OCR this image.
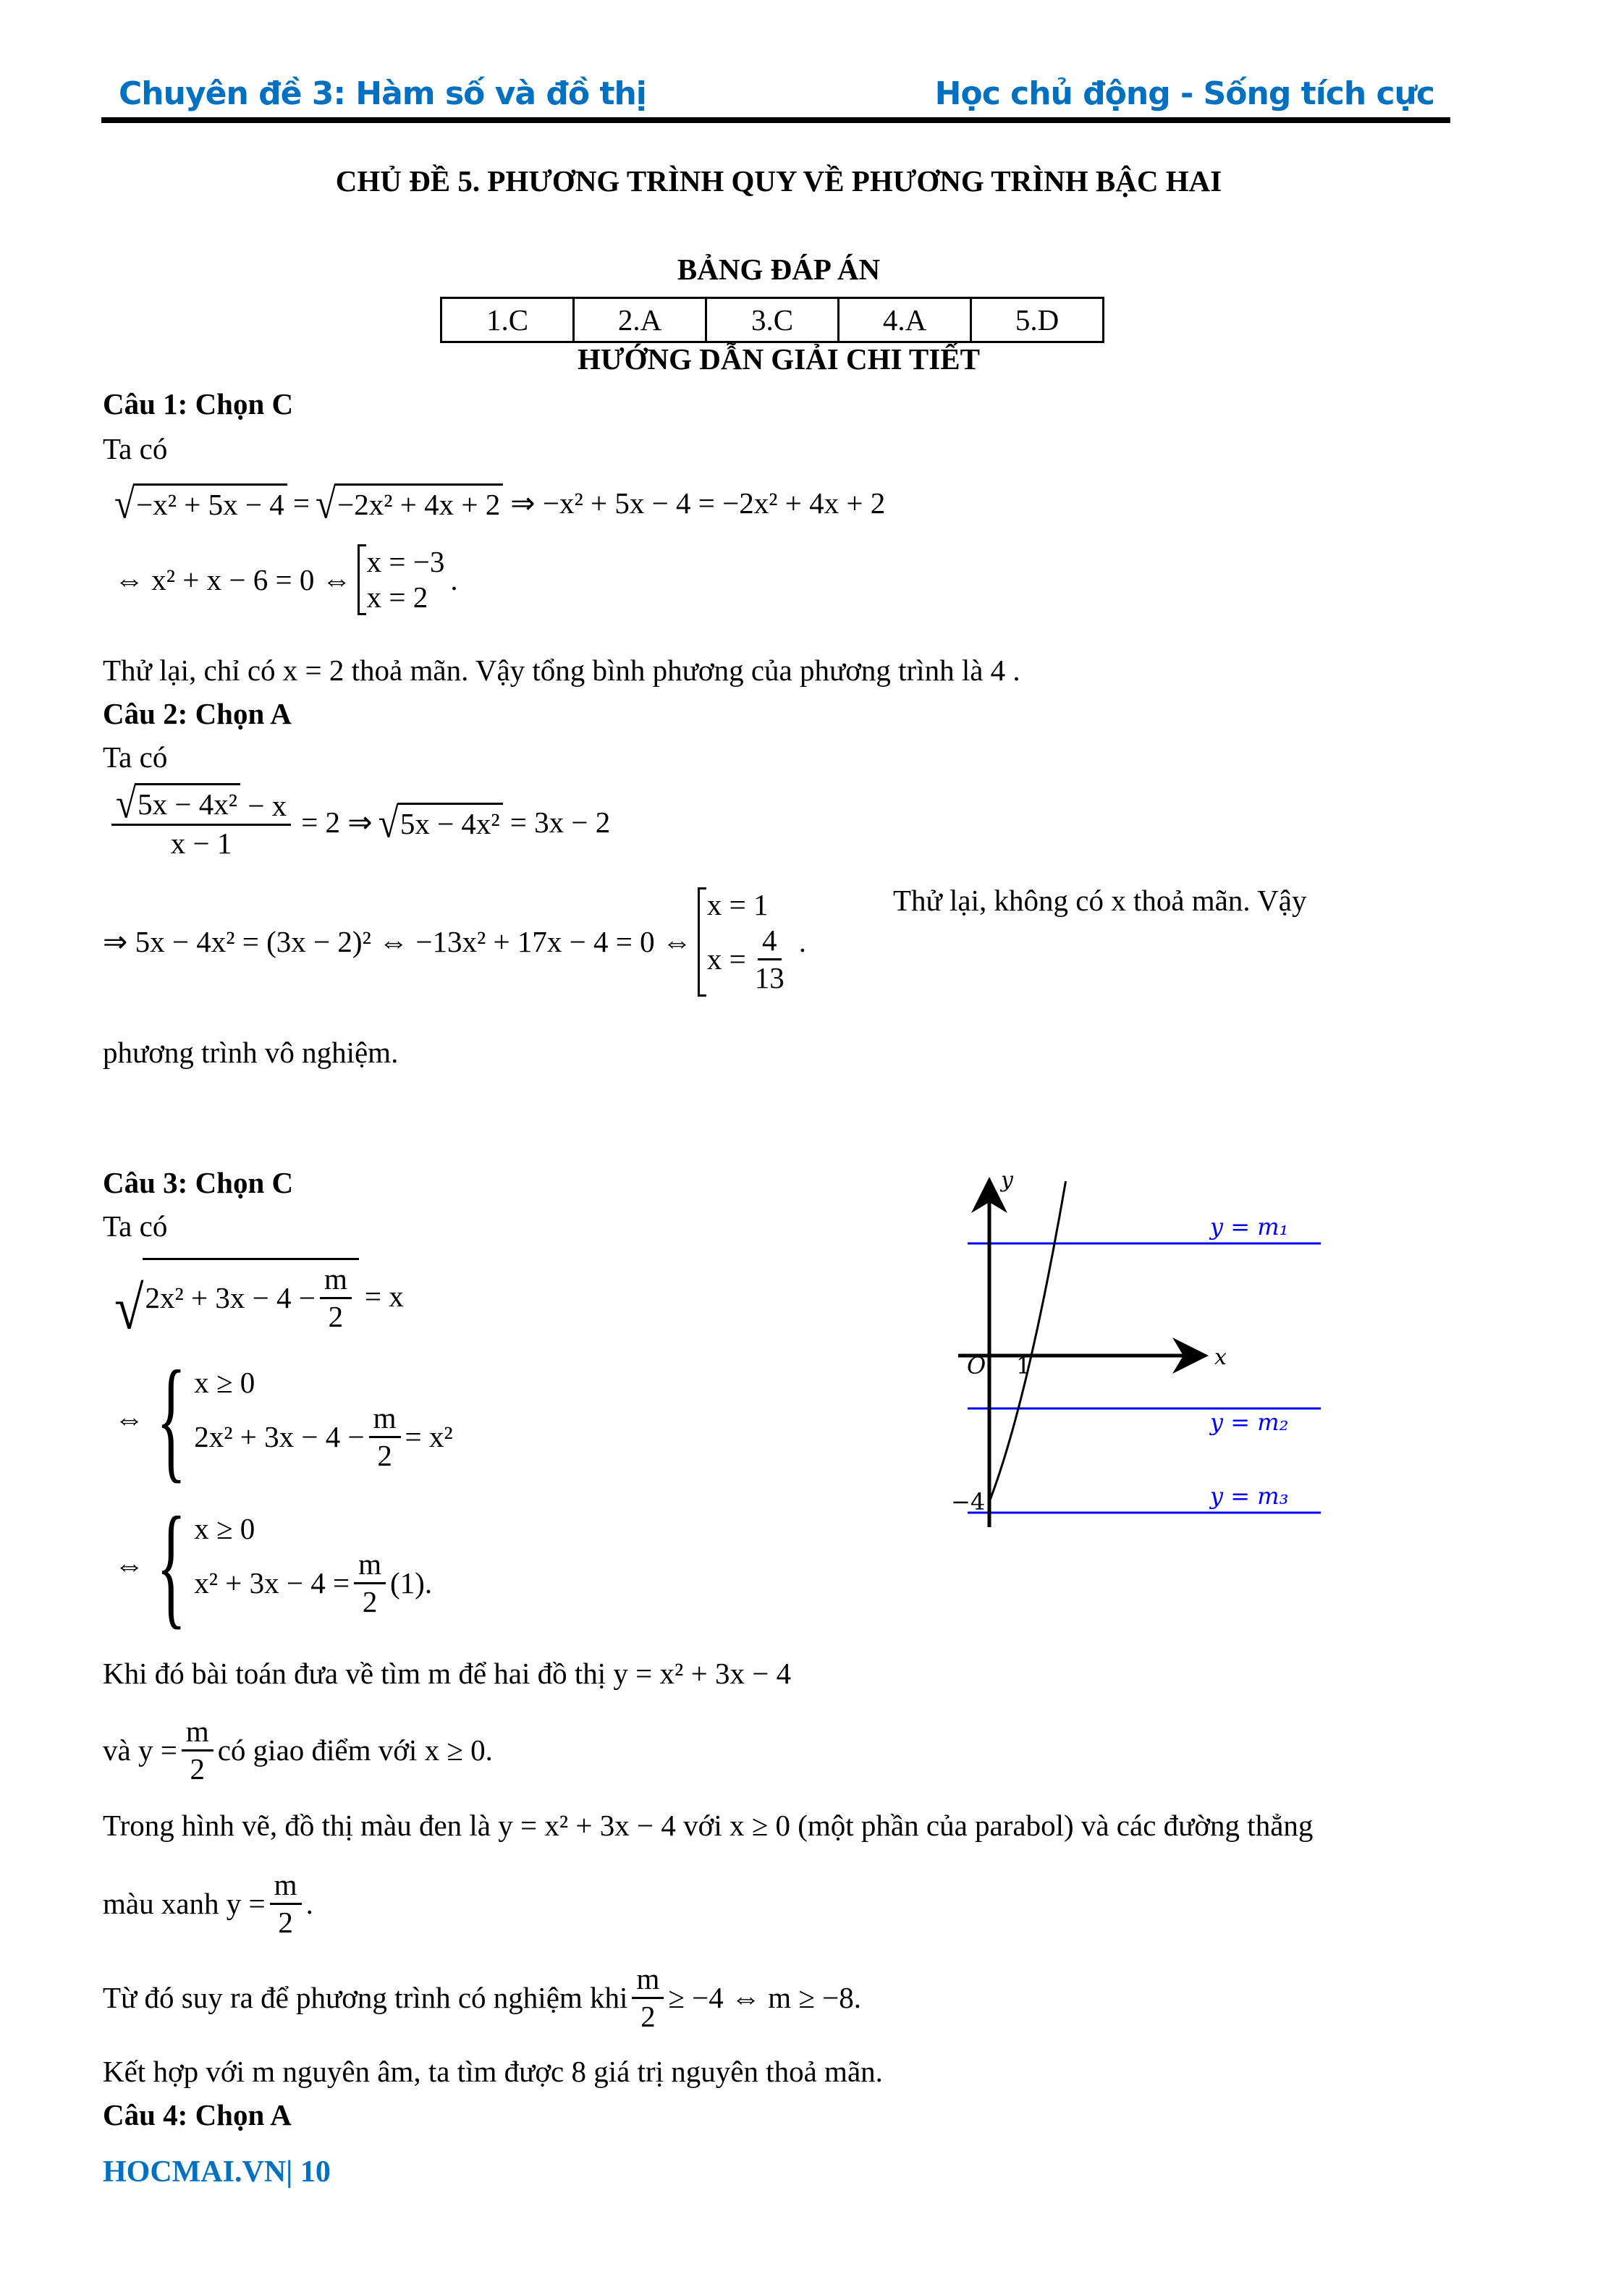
Chuyên đề 3: Hàm số và đồ thị	Học chủ động - Sống tích cực
CHỦ ĐỀ 5. PHƯƠNG TRÌNH QUY VỀ PHƯƠNG TRÌNH BẬC HAI
BẢNG ĐÁP ÁN
1.C	2.A	3.C	4.A	5.D
HƯỚNG DẪN GIẢI CHI TIẾT
Câu 1: Chọn C
Ta có
√ −x² + 5x − 4 = √ −2x² + 4x + 2 ⇒ −x² + 5x − 4 = −2x² + 4x + 2
⇔ x² + x − 6 = 0 ⇔
x = −3
x = 2
.
Thử lại, chỉ có x = 2 thoả mãn. Vậy tổng bình phương của phương trình là 4 .
Câu 2: Chọn A
Ta có
$\frac{\text{√ 5x − 4x² − x}}{x - 1} = 2$ ⇒ √ 5x − 4x² = 3x − 2
⇒ 5x − 4x² = (3x − 2)² ⇔ −13x² + 17x − 4 = 0 ⇔
x = 1
$x = \frac{4}{13}$ .
Thử lại, không có x thoả mãn. Vậy
phương trình vô nghiệm.
Câu 3: Chọn C
Ta có
√ $2x^2 + 3x - 4 - \frac{m}{2} = x$
⇔ { x ≥ 0
$2x^2 + 3x - 4 - \frac{m}{2} = x^2$
⇔ { x ≥ 0
$x^2 + 3x - 4 = \frac{m}{2} (1)$ .
Khi đó bài toán đưa về tìm m để hai đồ thị y = x² + 3x − 4
và $y = \frac{m}{2}$ có giao điểm với x ≥ 0.
Trong hình vẽ, đồ thị màu đen là y = x² + 3x − 4 với x ≥ 0 (một phần của parabol) và các đường thẳng
màu xanh $y = \frac{m}{2}$ .
Từ đó suy ra để phương trình có nghiệm khi $\frac{m}{2} \ge -4$ ⇔ m ≥ −8.
Kết hợp với m nguyên âm, ta tìm được 8 giá trị nguyên thoả mãn.
y
x
O 1
−4
y = m₁
y = m₂
y = m₃
Câu 4: Chọn A
HOCMAI.VN| 10
